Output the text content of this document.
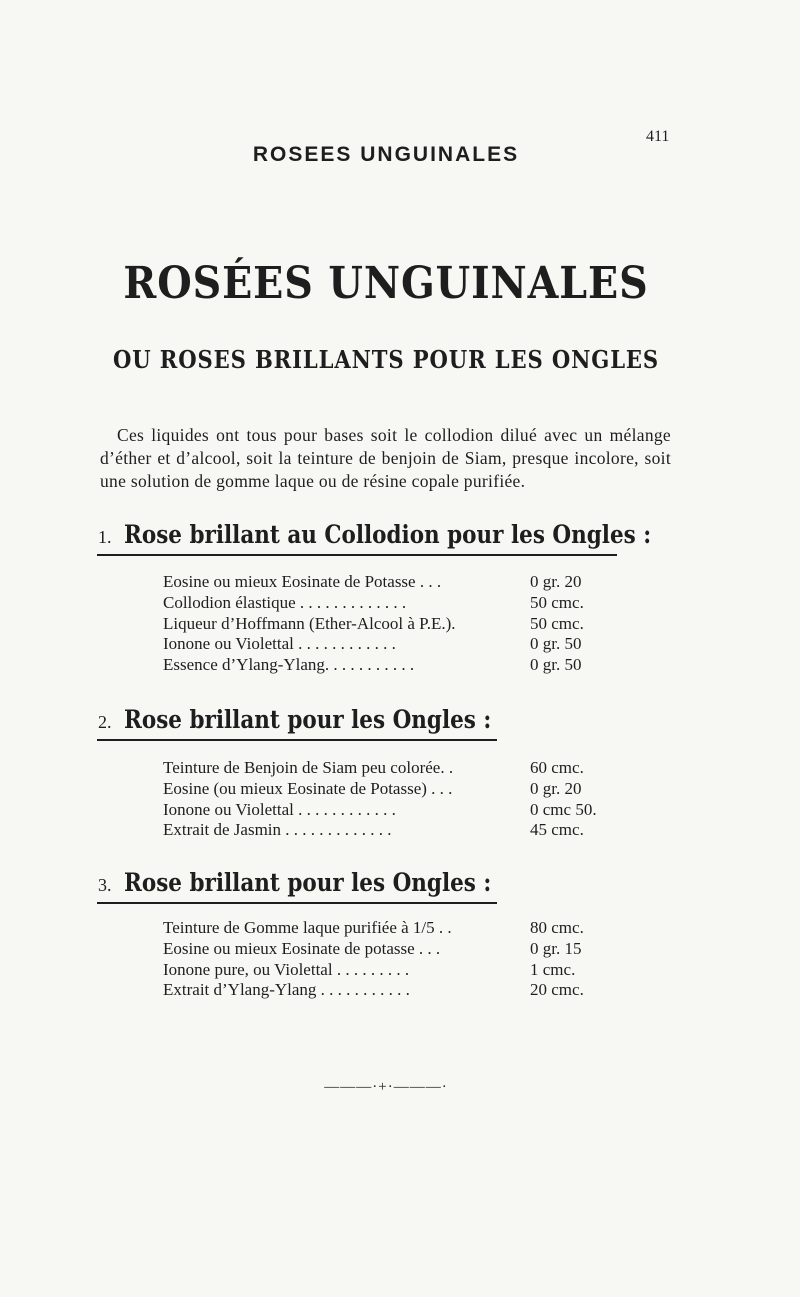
ROSEES UNGUINALES
411
ROSÉES UNGUINALES
OU ROSES BRILLANTS POUR LES ONGLES

Ces liquides ont tous pour bases soit le collodion dilué avec un mélange d’éther et d’alcool, soit la teinture de benjoin de Siam, presque incolore, soit une solution de gomme laque ou de résine copale purifiée.

1. Rose brillant au Collodion pour les Ongles :
Eosine ou mieux Eosinate de Potasse . . .	0 gr. 20
Collodion élastique . . . . . . . . . . . . .	50 cmc.
Liqueur d’Hoffmann (Ether-Alcool à P.E.).	50 cmc.
Ionone ou Violettal . . . . . . . . . . . .	0 gr. 50
Essence d’Ylang-Ylang. . . . . . . . . . .	0 gr. 50
2. Rose brillant pour les Ongles :
Teinture de Benjoin de Siam peu colorée. .	60 cmc.
Eosine (ou mieux Eosinate de Potasse) . . .	0 gr. 20
Ionone ou Violettal . . . . . . . . . . . .	0 cmc 50.
Extrait de Jasmin . . . . . . . . . . . . .	45 cmc.
3. Rose brillant pour les Ongles :
Teinture de Gomme laque purifiée à 1/5 . .	80 cmc.
Eosine ou mieux Eosinate de potasse . . .	0 gr. 15
Ionone pure, ou Violettal . . . . . . . . .	1 cmc.
Extrait d’Ylang-Ylang . . . . . . . . . . .	20 cmc.
———·+·———·
